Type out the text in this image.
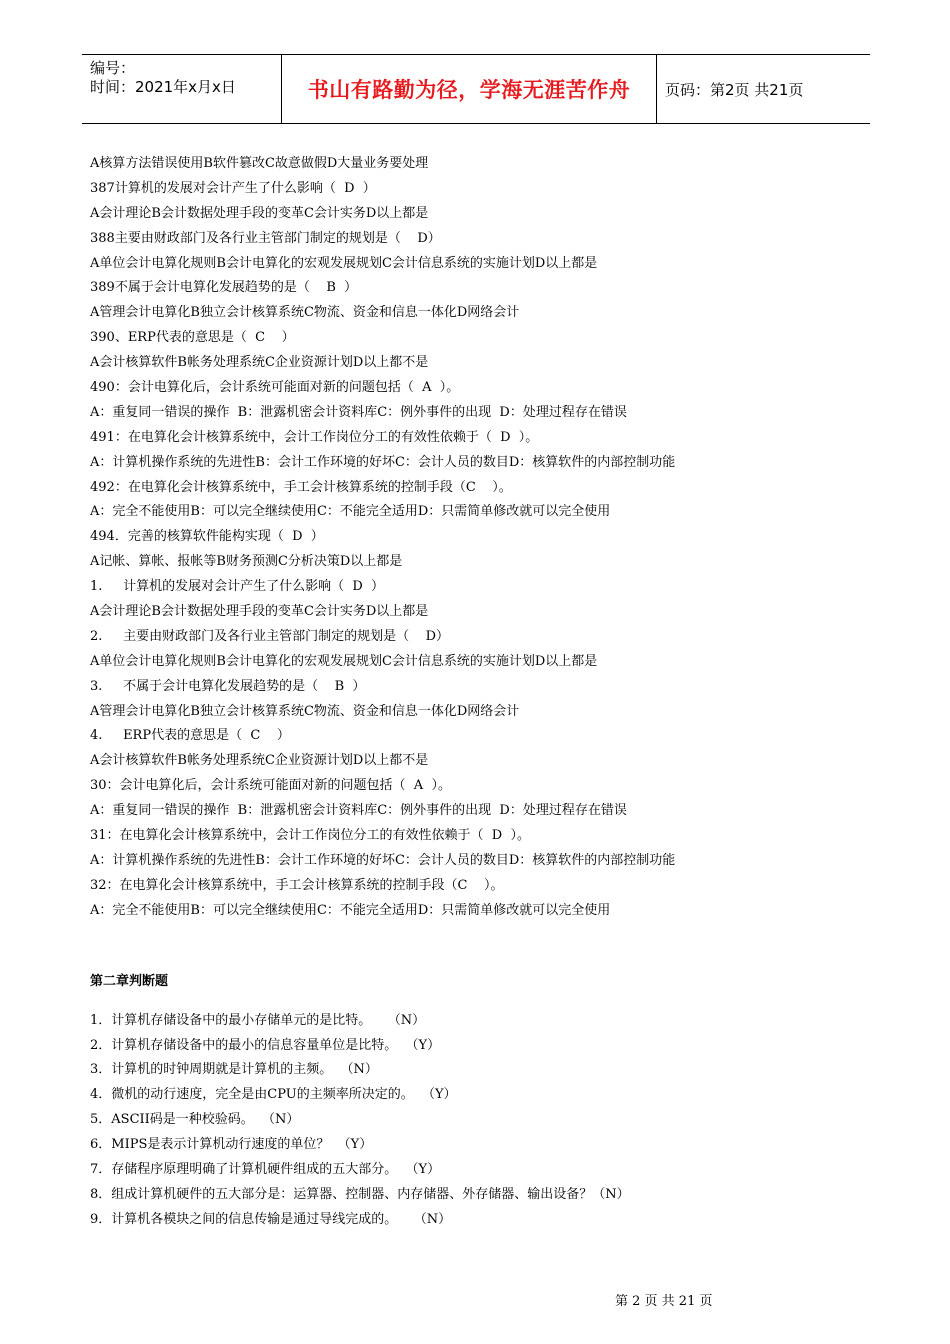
编号：
时间：2021年x月x日	书山有路勤为径，学海无涯苦作舟	页码：第2页 共21页
A核算方法错误使用B软件篡改C故意做假D大量业务要处理
387计算机的发展对会计产生了什么影响（  D  ）
A会计理论B会计数据处理手段的变革C会计实务D以上都是
388主要由财政部门及各行业主管部门制定的规划是（    D）
A单位会计电算化规则B会计电算化的宏观发展规划C会计信息系统的实施计划D以上都是
389不属于会计电算化发展趋势的是（    B  ）
A管理会计电算化B独立会计核算系统C物流、资金和信息一体化D网络会计
390、ERP代表的意思是（  C    ）
A会计核算软件B帐务处理系统C企业资源计划D以上都不是
490：会计电算化后，会计系统可能面对新的问题包括（  A  ）。
A：重复同一错误的操作  B：泄露机密会计资料库C：例外事件的出现  D：处理过程存在错误
491：在电算化会计核算系统中，会计工作岗位分工的有效性依赖于（  D  ）。
A：计算机操作系统的先进性B：会计工作环境的好坏C：会计人员的数目D：核算软件的内部控制功能
492：在电算化会计核算系统中，手工会计核算系统的控制手段（C    ）。
A：完全不能使用B：可以完全继续使用C：不能完全适用D：只需简单修改就可以完全使用
494．完善的核算软件能构实现（  D  ）
A记帐、算帐、报帐等B财务预测C分析决策D以上都是
1.     计算机的发展对会计产生了什么影响（  D  ）
A会计理论B会计数据处理手段的变革C会计实务D以上都是
2.     主要由财政部门及各行业主管部门制定的规划是（    D）
A单位会计电算化规则B会计电算化的宏观发展规划C会计信息系统的实施计划D以上都是
3.     不属于会计电算化发展趋势的是（    B  ）
A管理会计电算化B独立会计核算系统C物流、资金和信息一体化D网络会计
4.     ERP代表的意思是（  C    ）
A会计核算软件B帐务处理系统C企业资源计划D以上都不是
30：会计电算化后，会计系统可能面对新的问题包括（  A  ）。
A：重复同一错误的操作  B：泄露机密会计资料库C：例外事件的出现  D：处理过程存在错误
31：在电算化会计核算系统中，会计工作岗位分工的有效性依赖于（  D  ）。
A：计算机操作系统的先进性B：会计工作环境的好坏C：会计人员的数目D：核算软件的内部控制功能
32：在电算化会计核算系统中，手工会计核算系统的控制手段（C    ）。
A：完全不能使用B：可以完全继续使用C：不能完全适用D：只需简单修改就可以完全使用
第二章判断题
1．计算机存储设备中的最小存储单元的是比特。    （N）
2．计算机存储设备中的最小的信息容量单位是比特。  （Y）
3．计算机的时钟周期就是计算机的主频。  （N）
4．微机的动行速度，完全是由CPU的主频率所决定的。  （Y）
5．ASCII码是一种校验码。  （N）
6．MIPS是表示计算机动行速度的单位？  （Y）
7．存储程序原理明确了计算机硬件组成的五大部分。  （Y）
8．组成计算机硬件的五大部分是：运算器、控制器、内存储器、外存储器、输出设备？（N）
9．计算机各模块之间的信息传输是通过导线完成的。    （N）
第 2 页 共 21 页
